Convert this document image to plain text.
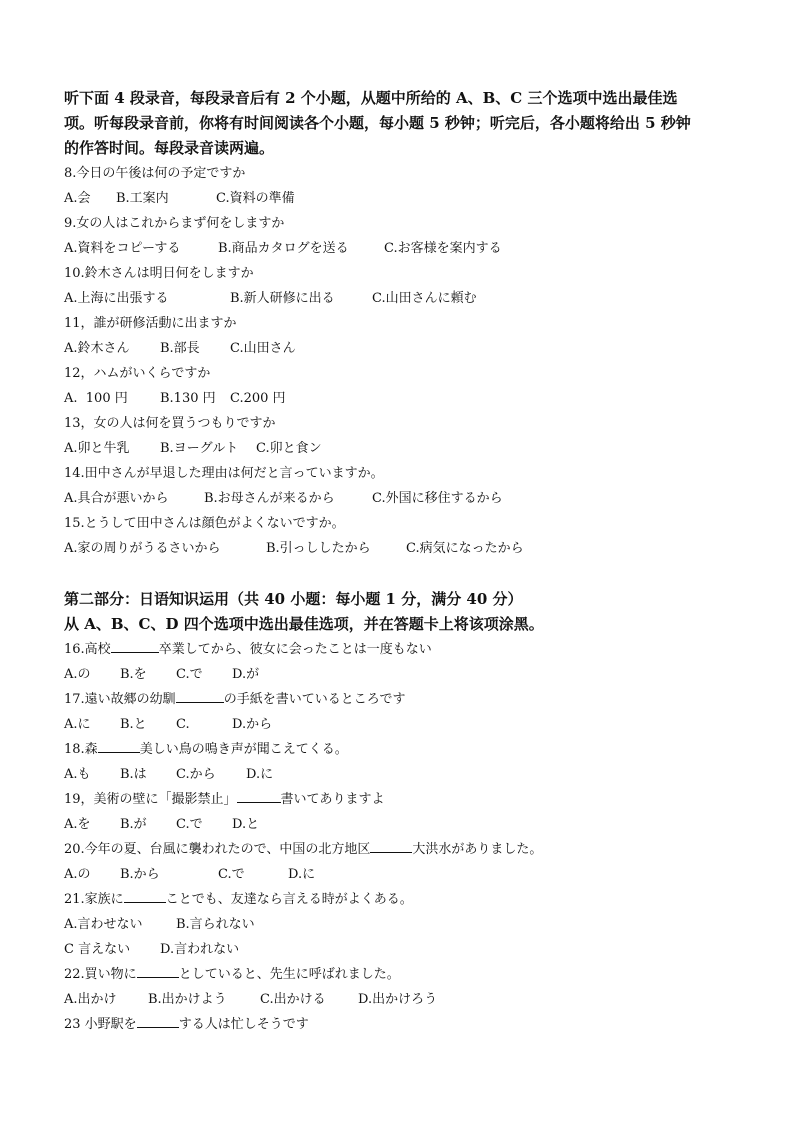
听下面 4 段录音，每段录音后有 2 个小题，从题中所给的 A、B、C 三个选项中选出最佳选
项。听每段录音前，你将有时间阅读各个小题，每小题 5 秒钟；听完后，各小题将给出 5 秒钟
的作答时间。每段录音读两遍。

8.今日の午後は何の予定ですか
A.会 B.工案内	C.資料の準備
9.女の人はこれからまず何をしますか
A.資料をコピーする	B.商品カタログを送る	C.お客様を案内する
10.鈴木さんは明日何をしますか
A.上海に出張する	B.新人研修に出る	C.山田さんに頼む
11，誰が研修活動に出ますか
A.鈴木さん B.部長 C.山田さん
12，ハムがいくらですか
A.  100 円 B.130 円 C.200 円
13，女の人は何を買うつもりですか
A.卯と牛乳 B.ヨーグルト C.卯と食ン
14.田中さんが早退した理由は何だと言っていますか。
A.具合が悪いから	B.お母さんが来るから	C.外国に移住するから
15.とうして田中さんは顔色がよくないですか。
A.家の周りがうるさいから	B.引っししたから	C.病気になったから
第二部分：日语知识运用（共 40 小题：每小题 1 分，满分 40 分）
从 A、B、C、D 四个选项中选出最佳选项，并在答题卡上将该项涂黑。
16.高校	卒業してから、彼女に会ったことは一度もない
A.の B.を C.で D.が
17.遠い故郷の幼馴	の手紙を書いているところです
A.に B.と C.	D.から
18.森	美しい鳥の鳴き声が聞こえてくる。
A.も B.は C.から D.に
19，美術の壁に「撮影禁止」	書いてありますよ
A.を B.が C.で D.と
20.今年の夏、台風に襲われたので、中国の北方地区	大洪水がありました。
A.の B.から	C.で	D.に
21.家族に	ことでも、友達なら言える時がよくある。
A.言わせない	B.言られない
C 言えない D.言われない
22.買い物に	としていると、先生に呼ばれました。
A.出かけ B.出かけよう	C.出かける D.出かけろう
23 小野駅を	する人は忙しそうです
